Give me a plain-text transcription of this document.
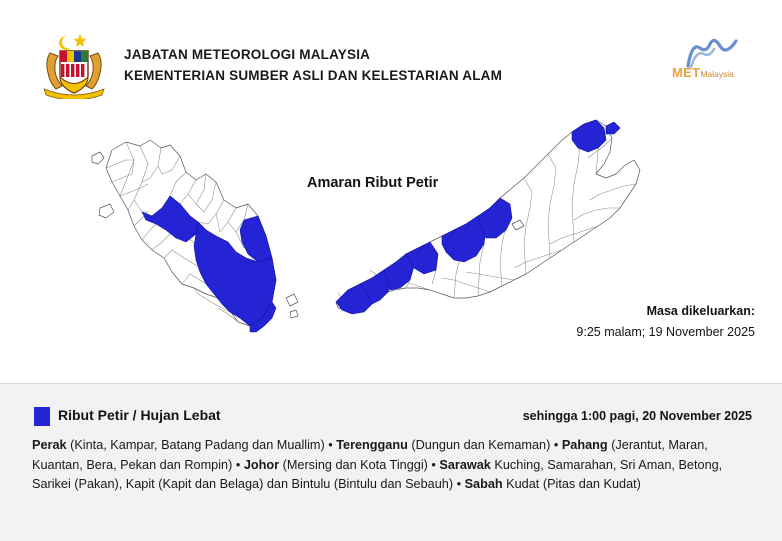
JABATAN METEOROLOGI MALAYSIA
KEMENTERIAN SUMBER ASLI DAN KELESTARIAN ALAM	METMalaysia
Amaran Ribut Petir
Masa dikeluarkan:
9:25 malam; 19 November 2025
Ribut Petir / Hujan Lebat	sehingga 1:00 pagi, 20 November 2025
Perak (Kinta, Kampar, Batang Padang dan Muallim) • Terengganu (Dungun dan Kemaman) • Pahang (Jerantut, Maran, Kuantan, Bera, Pekan dan Rompin) • Johor (Mersing dan Kota Tinggi) • Sarawak Kuching, Samarahan, Sri Aman, Betong, Sarikei (Pakan), Kapit (Kapit dan Belaga) dan Bintulu (Bintulu dan Sebauh) • Sabah Kudat (Pitas dan Kudat)
